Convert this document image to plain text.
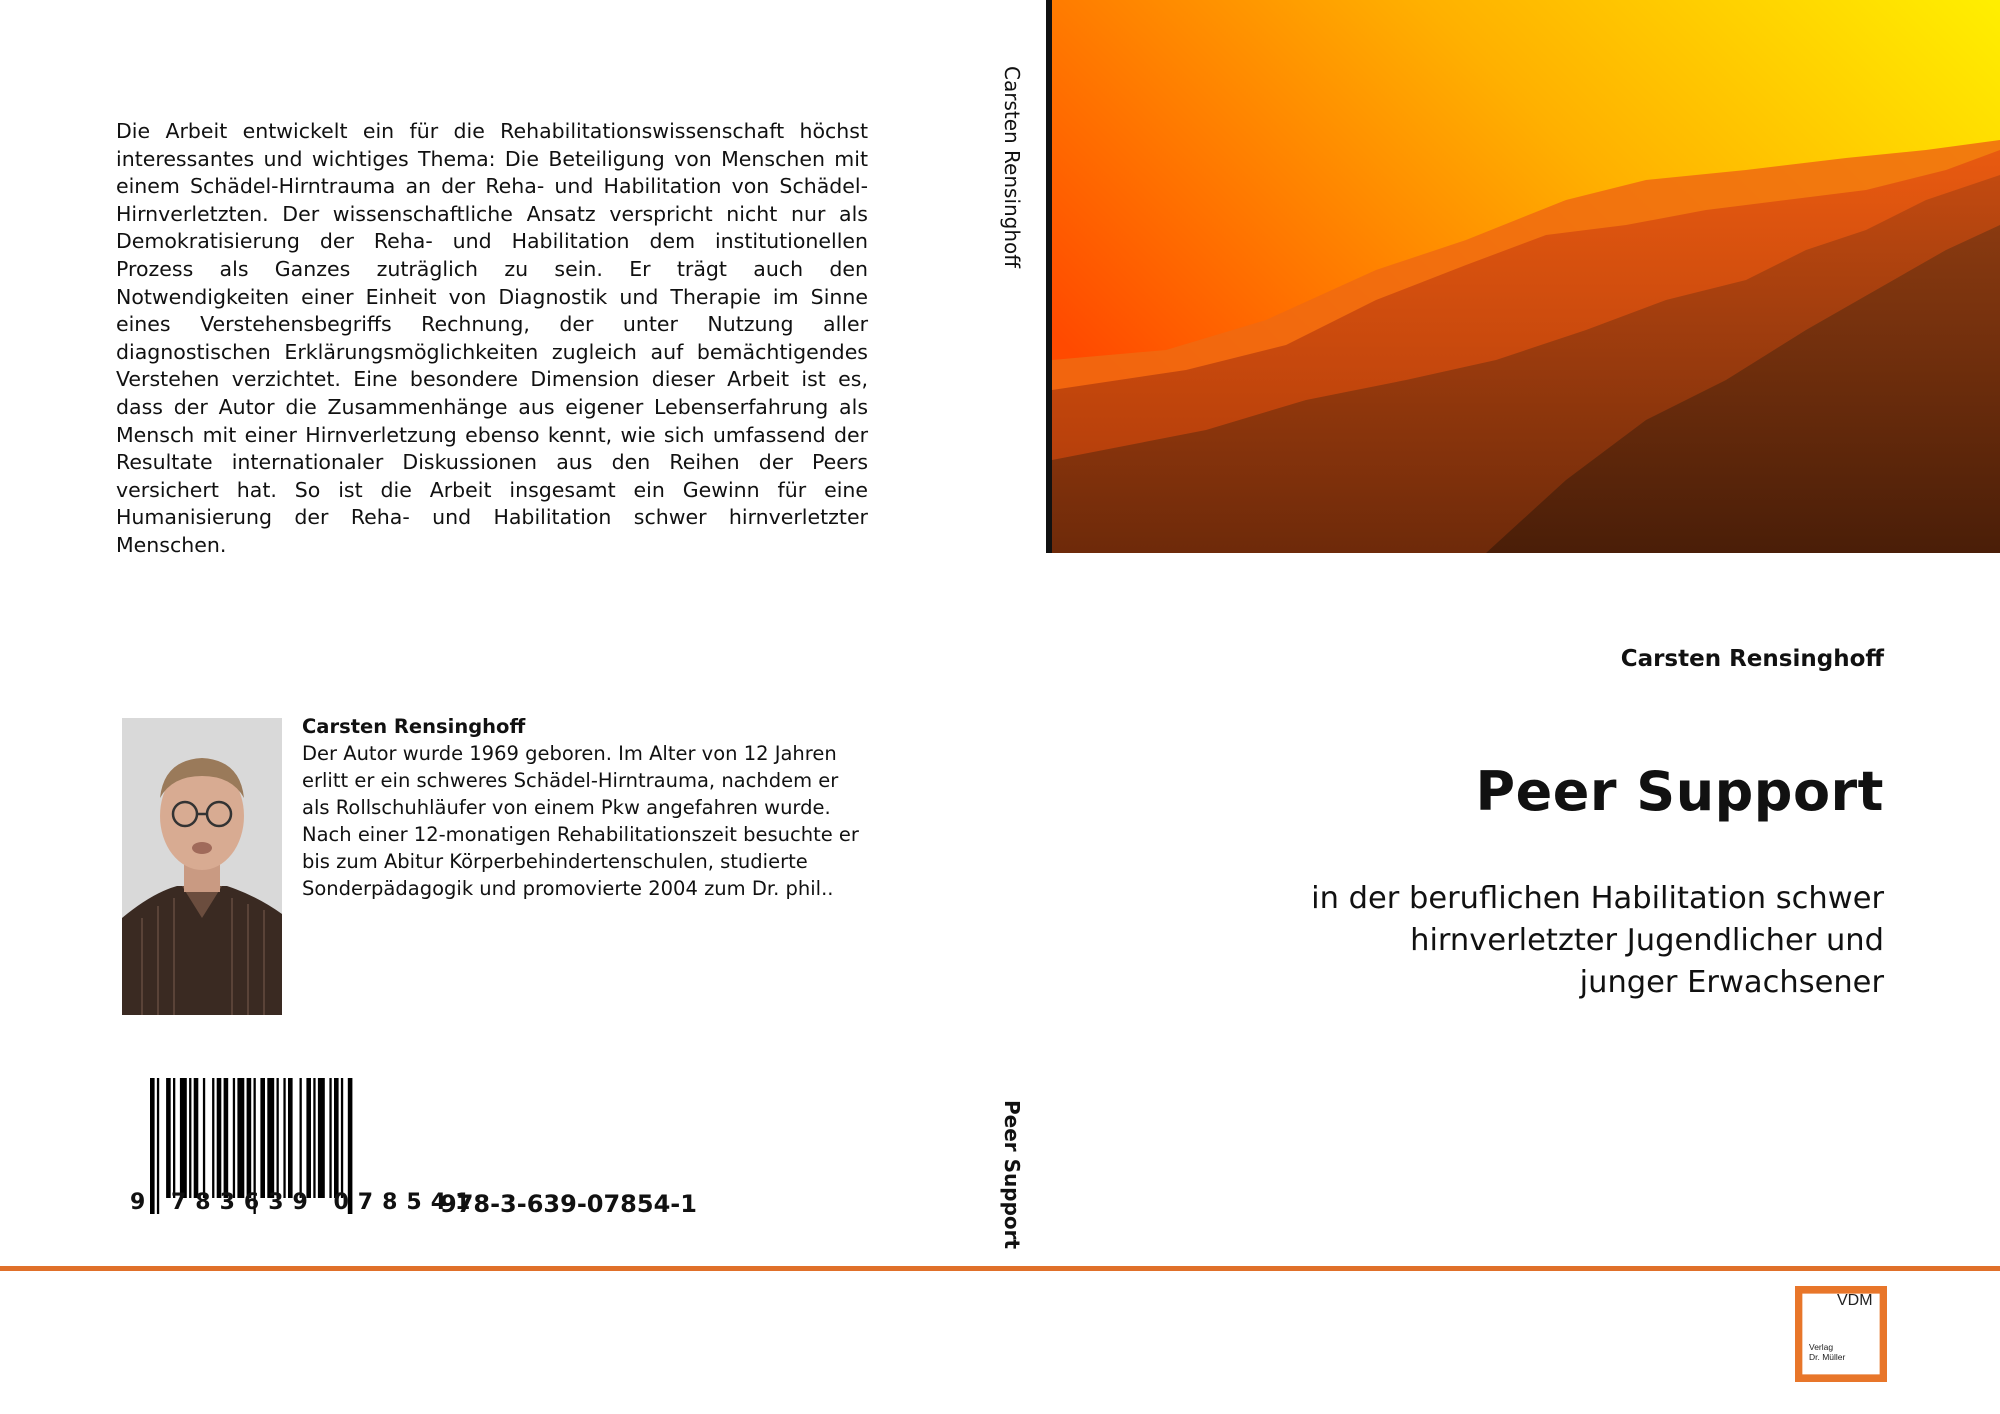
Die Arbeit entwickelt ein für die Rehabilitationswissenschaft höchst interessantes und wichtiges Thema: Die Beteiligung von Menschen mit einem Schädel-Hirntrauma an der Reha- und Habilitation von Schädel-Hirnverletzten. Der wissenschaftliche Ansatz verspricht nicht nur als Demokratisierung der Reha- und Habilitation dem institutionellen Prozess als Ganzes zuträglich zu sein. Er trägt auch den Notwendigkeiten einer Einheit von Diagnostik und Therapie im Sinne eines Verstehensbegriffs Rechnung, der unter Nutzung aller diagnostischen Erklärungsmöglichkeiten zugleich auf bemächtigendes Verstehen verzichtet. Eine besondere Dimension dieser Arbeit ist es, dass der Autor die Zusammenhänge aus eigener Lebenserfahrung als Mensch mit einer Hirnverletzung ebenso kennt, wie sich umfassend der Resultate internationaler Diskussionen aus den Reihen der Peers versichert hat. So ist die Arbeit insgesamt ein Gewinn für eine Humanisierung der Reha- und Habilitation schwer hirnverletzter Menschen.
Carsten Rensinghoff
Peer Support
Carsten Rensinghoff
Peer Support
in der beruflichen Habilitation schwer
hirnverletzter Jugendlicher und
junger Erwachsener
Carsten Rensinghoff
Der Autor wurde 1969 geboren. Im Alter von 12 Jahren erlitt er ein schweres Schädel-Hirntrauma, nachdem er als Rollschuhläufer von einem Pkw angefahren wurde. Nach einer 12-monatigen Rehabilitationszeit besuchte er bis zum Abitur Körperbehindertenschulen, studierte Sonderpädagogik und promovierte 2004 zum Dr. phil..
9 783639 078541
978-3-639-07854-1
VDM
Verlag
Dr. Müller
